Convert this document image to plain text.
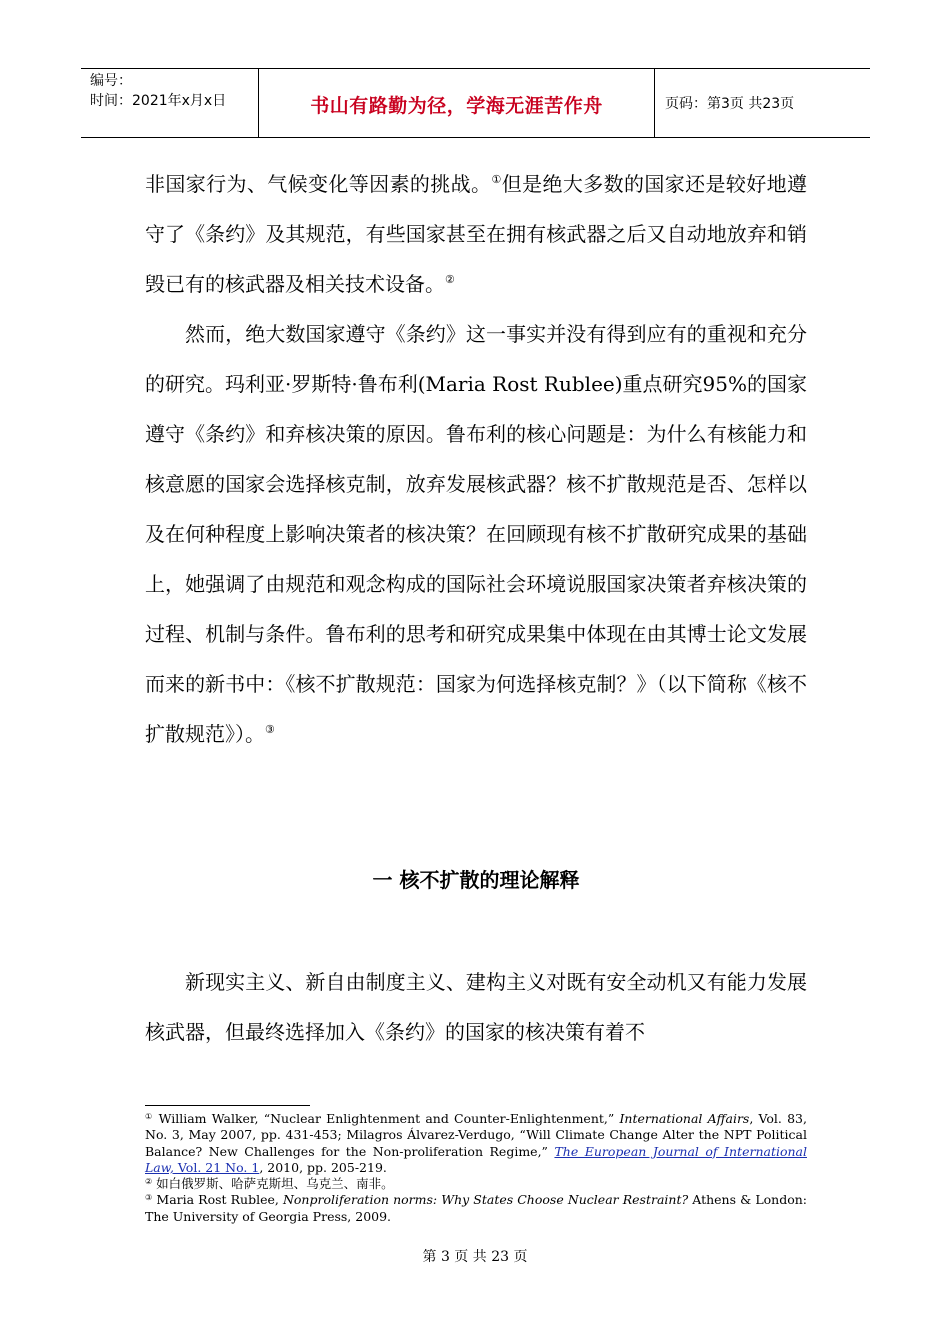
编号：
时间：2021年x月x日	书山有路勤为径，学海无涯苦作舟	页码：第3页 共23页

非国家行为、气候变化等因素的挑战。①但是绝大多数的国家还是较好地遵守了《条约》及其规范，有些国家甚至在拥有核武器之后又自动地放弃和销毁已有的核武器及相关技术设备。②

然而，绝大数国家遵守《条约》这一事实并没有得到应有的重视和充分的研究。玛利亚·罗斯特·鲁布利(Maria Rost Rublee)重点研究95%的国家遵守《条约》和弃核决策的原因。鲁布利的核心问题是：为什么有核能力和核意愿的国家会选择核克制，放弃发展核武器？核不扩散规范是否、怎样以及在何种程度上影响决策者的核决策？在回顾现有核不扩散研究成果的基础上，她强调了由规范和观念构成的国际社会环境说服国家决策者弃核决策的过程、机制与条件。鲁布利的思考和研究成果集中体现在由其博士论文发展而来的新书中：《核不扩散规范：国家为何选择核克制？》（以下简称《核不扩散规范》）。③

一 核不扩散的理论解释

新现实主义、新自由制度主义、建构主义对既有安全动机又有能力发展核武器，但最终选择加入《条约》的国家的核决策有着不

① William Walker, “Nuclear Enlightenment and Counter-Enlightenment,” International Affairs, Vol. 83, No. 3, May 2007, pp. 431-453; Milagros Álvarez-Verdugo, “Will Climate Change Alter the NPT Political Balance? New Challenges for the Non-proliferation Regime,” The European Journal of International Law, Vol. 21 No. 1, 2010, pp. 205-219.

② 如白俄罗斯、哈萨克斯坦、乌克兰、南非。

③ Maria Rost Rublee, Nonproliferation norms: Why States Choose Nuclear Restraint? Athens & London: The University of Georgia Press, 2009.

第 3 页 共 23 页
